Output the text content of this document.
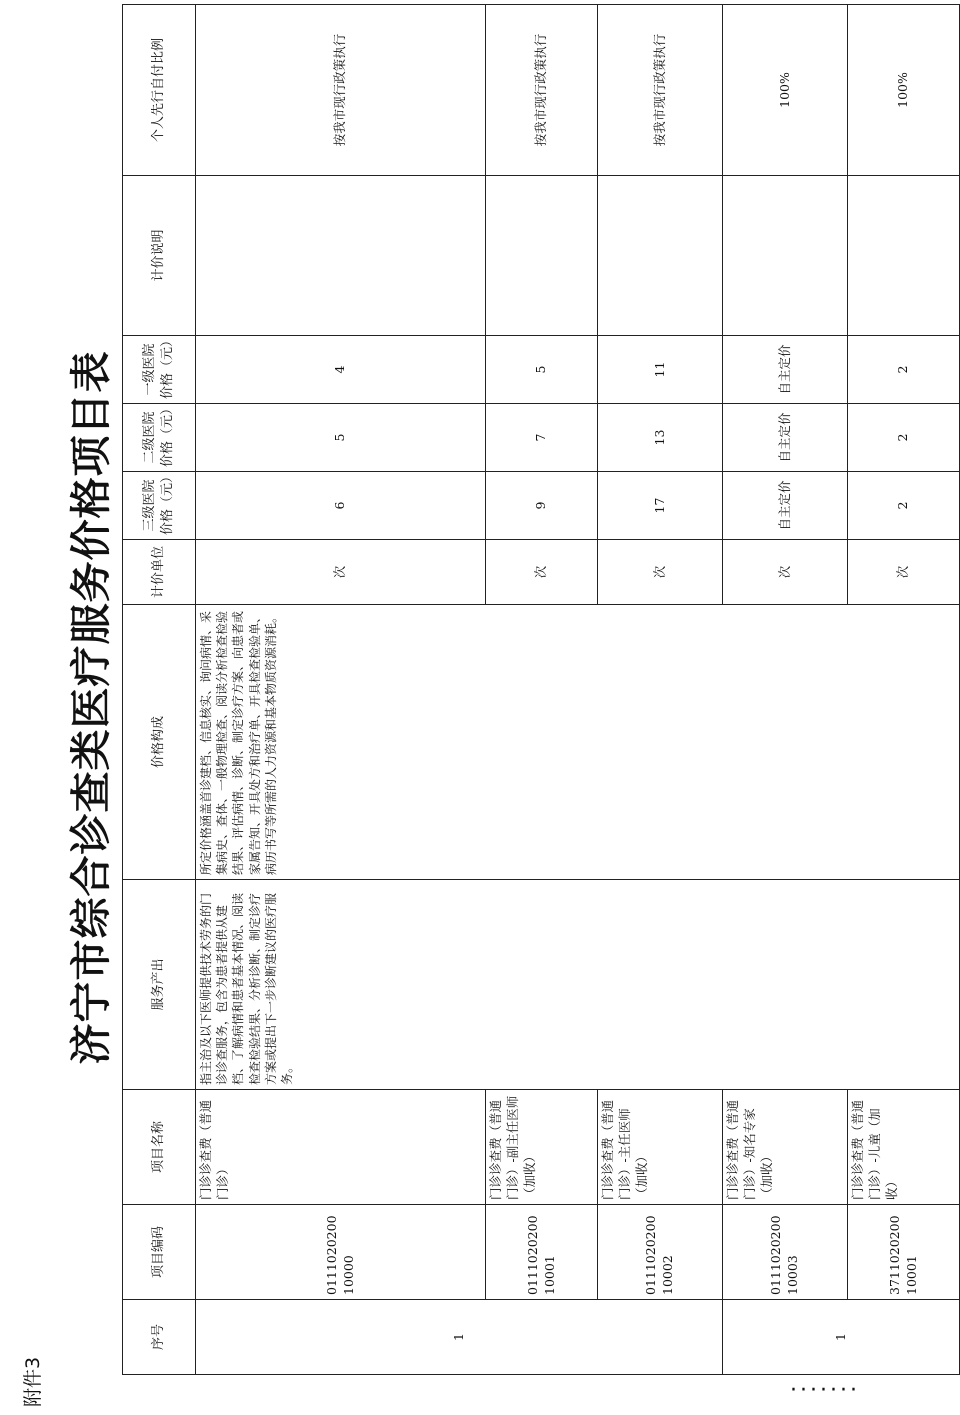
附件3
济宁市综合诊查类医疗服务价格项目表
序号	项目编码	项目名称	服务产出	价格构成	计价单位	三级医院价格（元）	二级医院价格（元）	一级医院价格（元）	计价说明	个人先行自付比例
1	011102020010000	门诊诊查费（普通门诊）	指主治及以下医师提供技术劳务的门诊诊查服务，包含为患者提供从建档、了解病情和患者基本情况、阅读检查检验结果、分析诊断、制定诊疗方案或提出下一步诊断建议的医疗服务。	所定价格涵盖首诊建档、信息核实、询问病情、采集病史、查体、一般物理检查、阅读分析检查检验结果、评估病情、诊断、制定诊疗方案、向患者或家属告知、开具处方和治疗单、开具检查检验单、病历书写等所需的人力资源和基本物质资源消耗。	次	6	5	4		按我市现行政策执行
	011102020010001	门诊诊查费（普通门诊）-副主任医师（加收）			次	9	7	5		按我市现行政策执行
	011102020010002	门诊诊查费（普通门诊）-主任医师（加收）			次	17	13	11		按我市现行政策执行
1	011102020010003	门诊诊查费（普通门诊）-知名专家（加收）			次	自主定价	自主定价	自主定价		100%
	371102020010001	门诊诊查费（普通门诊）-儿童（加收）			次	2	2	2		100%
·······
